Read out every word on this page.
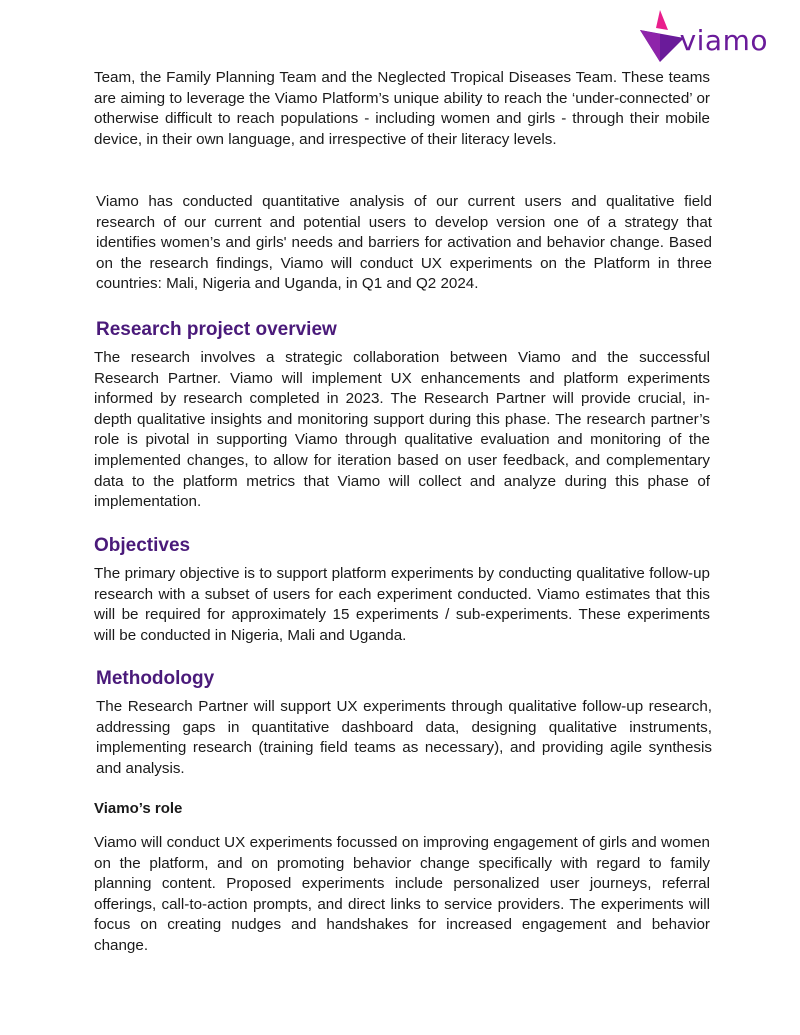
viamo

Team, the Family Planning Team and the Neglected Tropical Diseases Team. These teams are aiming to leverage the Viamo Platform’s unique ability to reach the ‘under-connected’ or otherwise difficult to reach populations - including women and girls - through their mobile device, in their own language, and irrespective of their literacy levels.

Viamo has conducted quantitative analysis of our current users and qualitative field research of our current and potential users to develop version one of a strategy that identifies women’s and girls' needs and barriers for activation and behavior change. Based on the research findings, Viamo will conduct UX experiments on the Platform in three countries: Mali, Nigeria and Uganda, in Q1 and Q2 2024.

Research project overview

The research involves a strategic collaboration between Viamo and the successful Research Partner. Viamo will implement UX enhancements and platform experiments informed by research completed in 2023. The Research Partner will provide crucial, in-depth qualitative insights and monitoring support during this phase. The research partner’s role is pivotal in supporting Viamo through qualitative evaluation and monitoring of the implemented changes, to allow for iteration based on user feedback, and complementary data to the platform metrics that Viamo will collect and analyze during this phase of implementation.

Objectives

The primary objective is to support platform experiments by conducting qualitative follow-up research with a subset of users for each experiment conducted. Viamo estimates that this will be required for approximately 15 experiments / sub-experiments. These experiments will be conducted in Nigeria, Mali and Uganda.

Methodology

The Research Partner will support UX experiments through qualitative follow-up research, addressing gaps in quantitative dashboard data, designing qualitative instruments, implementing research (training field teams as necessary), and providing agile synthesis and analysis.

Viamo’s role

Viamo will conduct UX experiments focussed on improving engagement of girls and women on the platform, and on promoting behavior change specifically with regard to family planning content. Proposed experiments include personalized user journeys, referral offerings, call-to-action prompts, and direct links to service providers. The experiments will focus on creating nudges and handshakes for increased engagement and behavior change.
